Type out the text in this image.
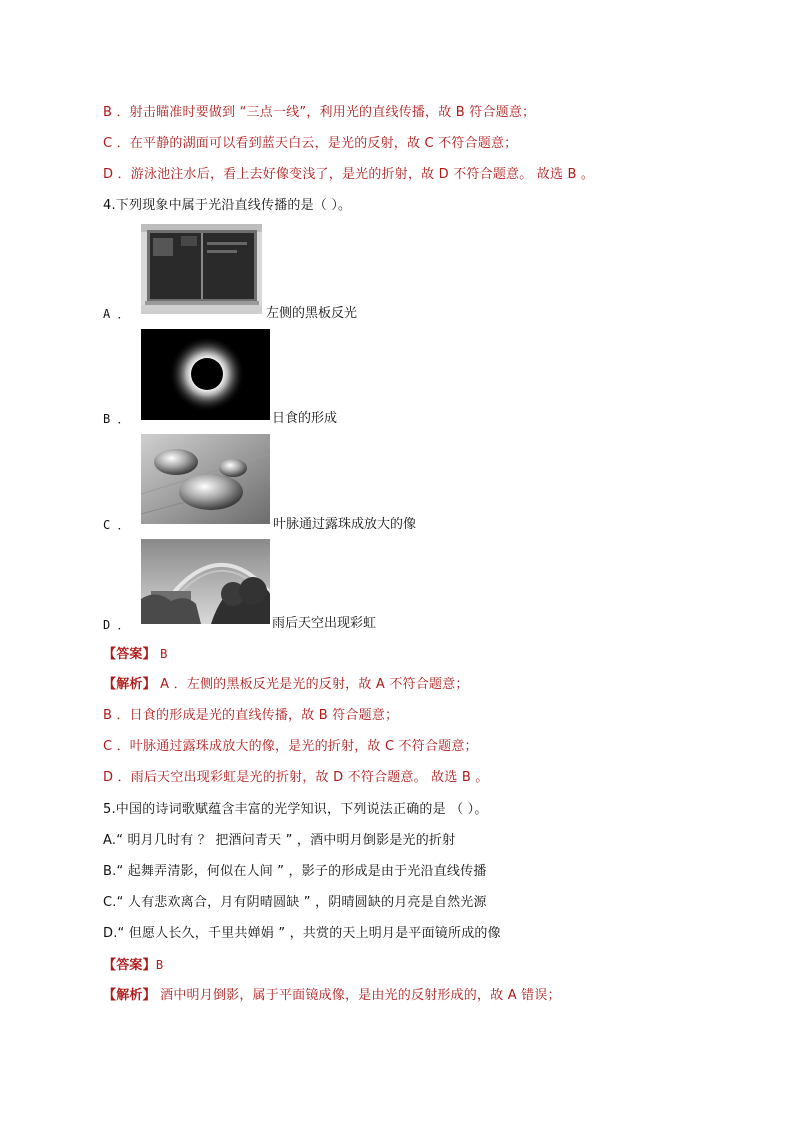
B ．射击瞄准时要做到 “三点一线”，利用光的直线传播，故 B 符合题意；
C ．在平静的湖面可以看到蓝天白云，是光的反射，故 C 不符合题意；
D ．游泳池注水后，看上去好像变浅了，是光的折射，故 D 不符合题意。 故选 B 。
4.下列现象中属于光沿直线传播的是（ ）。
A ．	左侧的黑板反光
B ．	日食的形成
C ．	叶脉通过露珠成放大的像
D ．	雨后天空出现彩虹
【答案】 B
【解析】 A ．左侧的黑板反光是光的反射，故 A 不符合题意；
B ．日食的形成是光的直线传播，故 B 符合题意；
C ．叶脉通过露珠成放大的像，是光的折射，故 C 不符合题意；
D ．雨后天空出现彩虹是光的折射，故 D 不符合题意。 故选 B 。
5.中国的诗词歌赋蕴含丰富的光学知识，下列说法正确的是 （ ）。
A.“ 明月几时有 ？ 把酒问青天 ” ，酒中明月倒影是光的折射
B.“ 起舞弄清影，何似在人间 ” ，影子的形成是由于光沿直线传播
C.“ 人有悲欢离合，月有阴晴圆缺 ” ，阴晴圆缺的月亮是自然光源
D.“ 但愿人长久，千里共婵娟 ” ，共赏的天上明月是平面镜所成的像
【答案】B
【解析】 酒中明月倒影，属于平面镜成像，是由光的反射形成的，故 A 错误；
